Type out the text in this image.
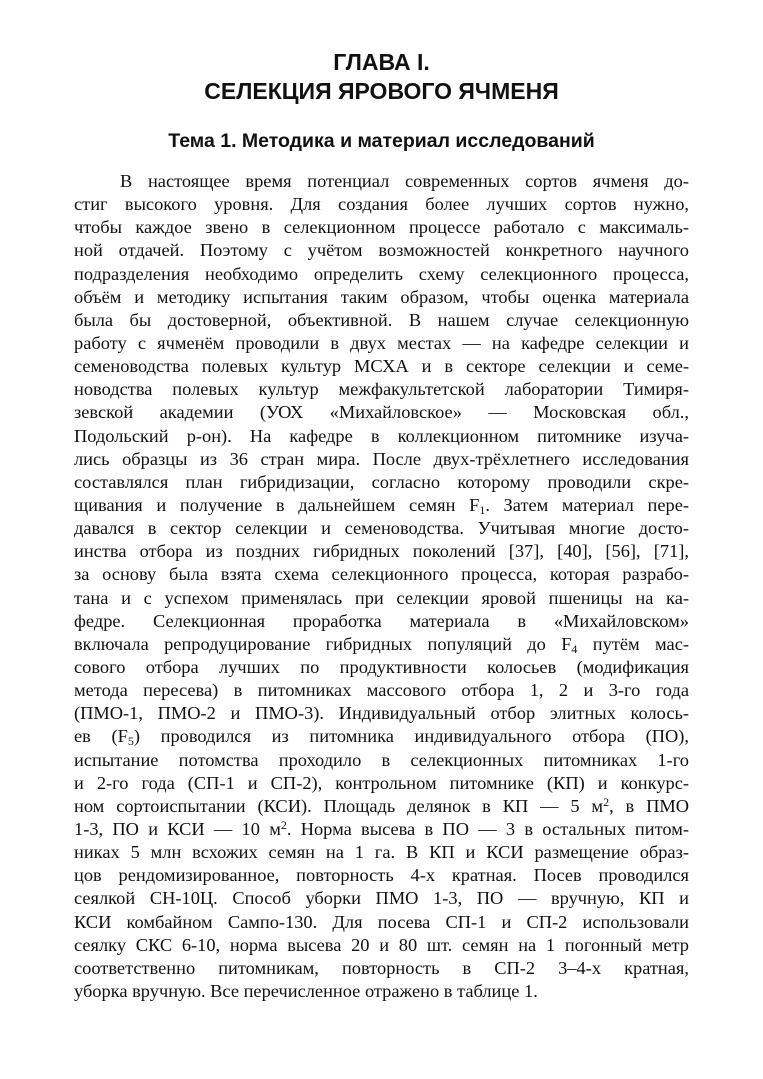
ГЛАВА I.
СЕЛЕКЦИЯ ЯРОВОГО ЯЧМЕНЯ
Тема 1. Методика и материал исследований
В настоящее время потенциал современных сортов ячменя до-
стиг высокого уровня. Для создания более лучших сортов нужно,
чтобы каждое звено в селекционном процессе работало с максималь-
ной отдачей. Поэтому с учётом возможностей конкретного научного
подразделения необходимо определить схему селекционного процесса,
объём и методику испытания таким образом, чтобы оценка материала
была бы достоверной, объективной. В нашем случае селекционную
работу с ячменём проводили в двух местах — на кафедре селекции и
семеноводства полевых культур МСХА и в секторе селекции и семе-
новодства полевых культур межфакультетской лаборатории Тимиря-
зевской академии (УОХ «Михайловское» — Московская обл.,
Подольский р-он). На кафедре в коллекционном питомнике изуча-
лись образцы из 36 стран мира. После двух-трёхлетнего исследования
составлялся план гибридизации, согласно которому проводили скре-
щивания и получение в дальнейшем семян $F_1$. Затем материал пере-
давался в сектор селекции и семеноводства. Учитывая многие досто-
инства отбора из поздних гибридных поколений [37], [40], [56], [71],
за основу была взята схема селекционного процесса, которая разрабо-
тана и с успехом применялась при селекции яровой пшеницы на ка-
федре. Селекционная проработка материала в «Михайловском»
включала репродуцирование гибридных популяций до $F_4$ путём мас-
сового отбора лучших по продуктивности колосьев (модификация
метода пересева) в питомниках массового отбора 1, 2 и 3-го года
(ПМО-1, ПМО-2 и ПМО-3). Индивидуальный отбор элитных колось-
ев $(F_5)$ проводился из питомника индивидуального отбора (ПО),
испытание потомства проходило в селекционных питомниках 1-го
и 2-го года (СП-1 и СП-2), контрольном питомнике (КП) и конкурс-
ном сортоиспытании (КСИ). Площадь делянок в КП — 5 $м^2$, в ПМО
1-3, ПО и КСИ — 10 $м^2$. Норма высева в ПО — 3 в остальных питом-
никах 5 млн всхожих семян на 1 га. В КП и КСИ размещение образ-
цов рендомизированное, повторность 4-х кратная. Посев проводился
сеялкой СН-10Ц. Способ уборки ПМО 1-3, ПО — вручную, КП и
КСИ комбайном Сампо-130. Для посева СП-1 и СП-2 использовали
сеялку СКС 6-10, норма высева 20 и 80 шт. семян на 1 погонный метр
соответственно питомникам, повторность в СП-2 3–4-х кратная,
уборка вручную. Все перечисленное отражено в таблице 1.
